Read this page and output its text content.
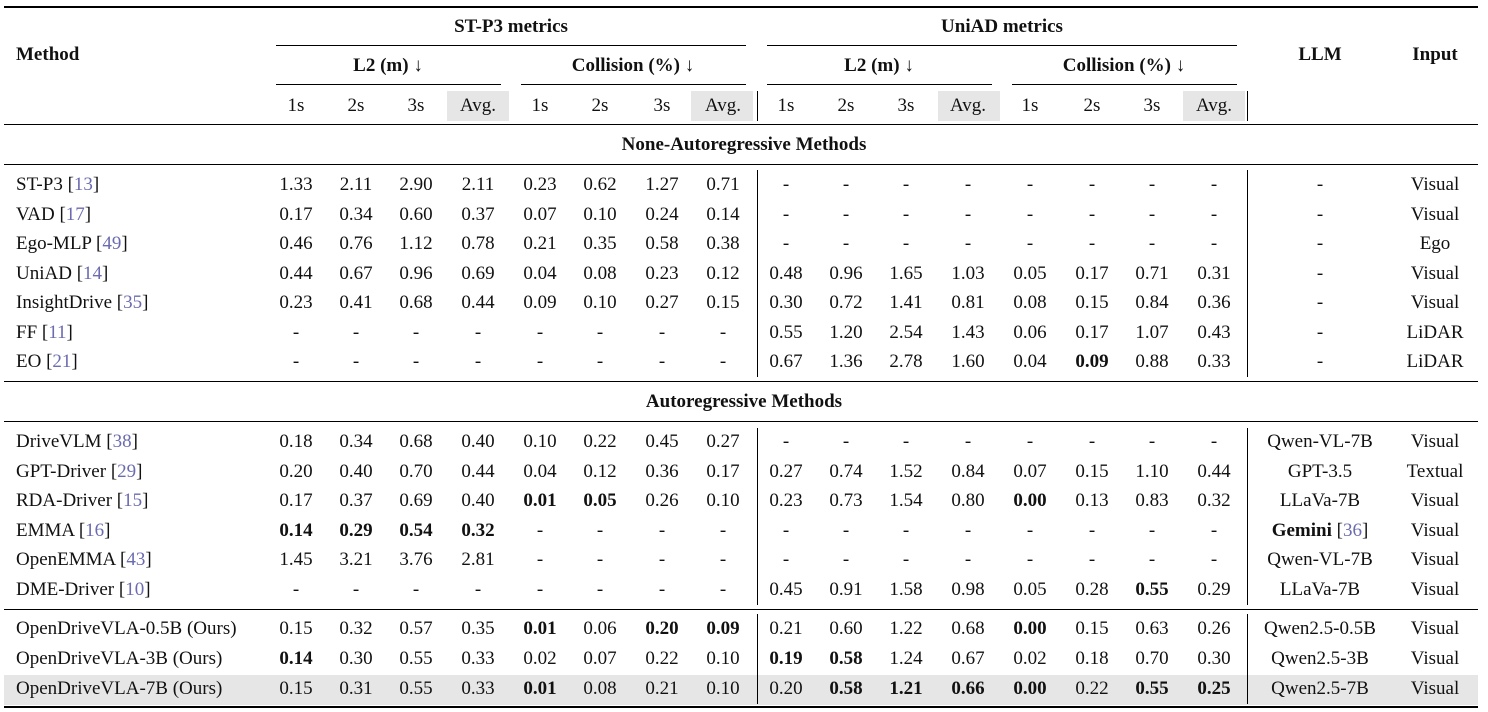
Method
ST-P3 metrics	UniAD metrics
LLM	Input
L2 (m) ↓	Collision (%) ↓	L2 (m) ↓	Collision (%) ↓
1s 2s 3s Avg. 1s 2s 3s Avg. 1s 2s 3s Avg. 1s 2s 3s Avg.
None-Autoregressive Methods
ST-P3 [13]	1.33 2.11 2.90 2.11 0.23 0.62 1.27 0.71 -	-	-	-	-	-	-	-	-	Visual
VAD [17]	0.17 0.34 0.60 0.37 0.07 0.10 0.24 0.14 -	-	-	-	-	-	-	-	-	Visual
Ego-MLP [49]	0.46 0.76 1.12 0.78 0.21 0.35 0.58 0.38 -	-	-	-	-	-	-	-	-	Ego
UniAD [14]	0.44 0.67 0.96 0.69 0.04 0.08 0.23 0.12 0.48 0.96 1.65 1.03 0.05 0.17 0.71 0.31	-	Visual
InsightDrive [35]	0.23 0.41 0.68 0.44 0.09 0.10 0.27 0.15 0.30 0.72 1.41 0.81 0.08 0.15 0.84 0.36	-	Visual
FF [11]	-	-	-	-	-	-	-	- 0.55 1.20 2.54 1.43 0.06 0.17 1.07 0.43	-	LiDAR
EO [21]	-	-	-	-	-	-	-	- 0.67 1.36 2.78 1.60 0.04 0.09 0.88 0.33	-	LiDAR
Autoregressive Methods
DriveVLM [38]	0.18 0.34 0.68 0.40 0.10 0.22 0.45 0.27 -	-	-	-	-	-	-	-	Qwen-VL-7B Visual
GPT-Driver [29]	0.20 0.40 0.70 0.44 0.04 0.12 0.36 0.17 0.27 0.74 1.52 0.84 0.07 0.15 1.10 0.44	GPT-3.5	Textual
RDA-Driver [15]	0.17 0.37 0.69 0.40 0.01 0.05 0.26 0.10 0.23 0.73 1.54 0.80 0.00 0.13 0.83 0.32	LLaVa-7B	Visual
EMMA [16]	0.14 0.29 0.54 0.32 -	-	-	-	-	-	-	-	-	-	-	-	Gemini [36] Visual
OpenEMMA [43]	1.45 3.21 3.76 2.81 -	-	-	-	-	-	-	-	-	-	-	-	Qwen-VL-7B Visual
DME-Driver [10]	-	-	-	-	-	-	-	- 0.45 0.91 1.58 0.98 0.05 0.28 0.55 0.29	LLaVa-7B	Visual
OpenDriveVLA-0.5B (Ours) 0.15 0.32 0.57 0.35 0.01 0.06 0.20 0.09 0.21 0.60 1.22 0.68 0.00 0.15 0.63 0.26 Qwen2.5-0.5B Visual
OpenDriveVLA-3B (Ours)	0.14 0.30 0.55 0.33 0.02 0.07 0.22 0.10 0.19 0.58 1.24 0.67 0.02 0.18 0.70 0.30 Qwen2.5-3B Visual
OpenDriveVLA-7B (Ours)	0.15 0.31 0.55 0.33 0.01 0.08 0.21 0.10 0.20 0.58 1.21 0.66 0.00 0.22 0.55 0.25 Qwen2.5-7B Visual
